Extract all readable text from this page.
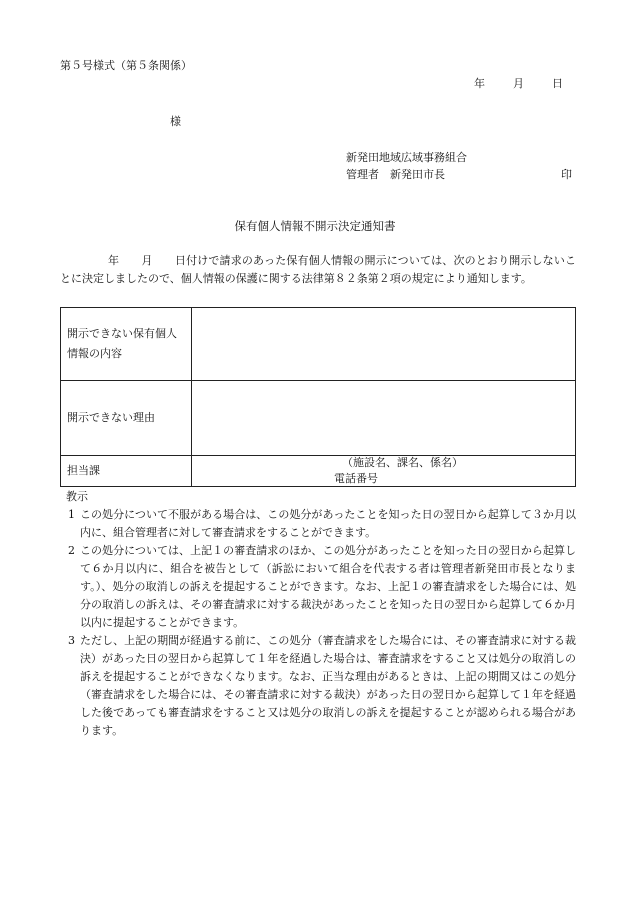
第５号様式（第５条関係）
年	月	日
様
新発田地域広域事務組合
管理者　新発田市長	印
保有個人情報不開示決定通知書
年　　月　　日付けで請求のあった保有個人情報の開示については、次のとおり開示しないことに決定しましたので、個人情報の保護に関する法律第８２条第２項の規定により通知します。
開示できない保有個人情報の内容	
開示できない理由	
担当課	（施設名、課名、係名）
電話番号
教示
1 この処分について不服がある場合は、この処分があったことを知った日の翌日から起算して３か月以内に、組合管理者に対して審査請求をすることができます。
2 この処分については、上記１の審査請求のほか、この処分があったことを知った日の翌日から起算して６か月以内に、組合を被告として（訴訟において組合を代表する者は管理者新発田市長となります。）、処分の取消しの訴えを提起することができます。なお、上記１の審査請求をした場合には、処分の取消しの訴えは、その審査請求に対する裁決があったことを知った日の翌日から起算して６か月以内に提起することができます。
3 ただし、上記の期間が経過する前に、この処分（審査請求をした場合には、その審査請求に対する裁決）があった日の翌日から起算して１年を経過した場合は、審査請求をすること又は処分の取消しの訴えを提起することができなくなります。なお、正当な理由があるときは、上記の期間又はこの処分（審査請求をした場合には、その審査請求に対する裁決）があった日の翌日から起算して１年を経過した後であっても審査請求をすること又は処分の取消しの訴えを提起することが認められる場合があります。
